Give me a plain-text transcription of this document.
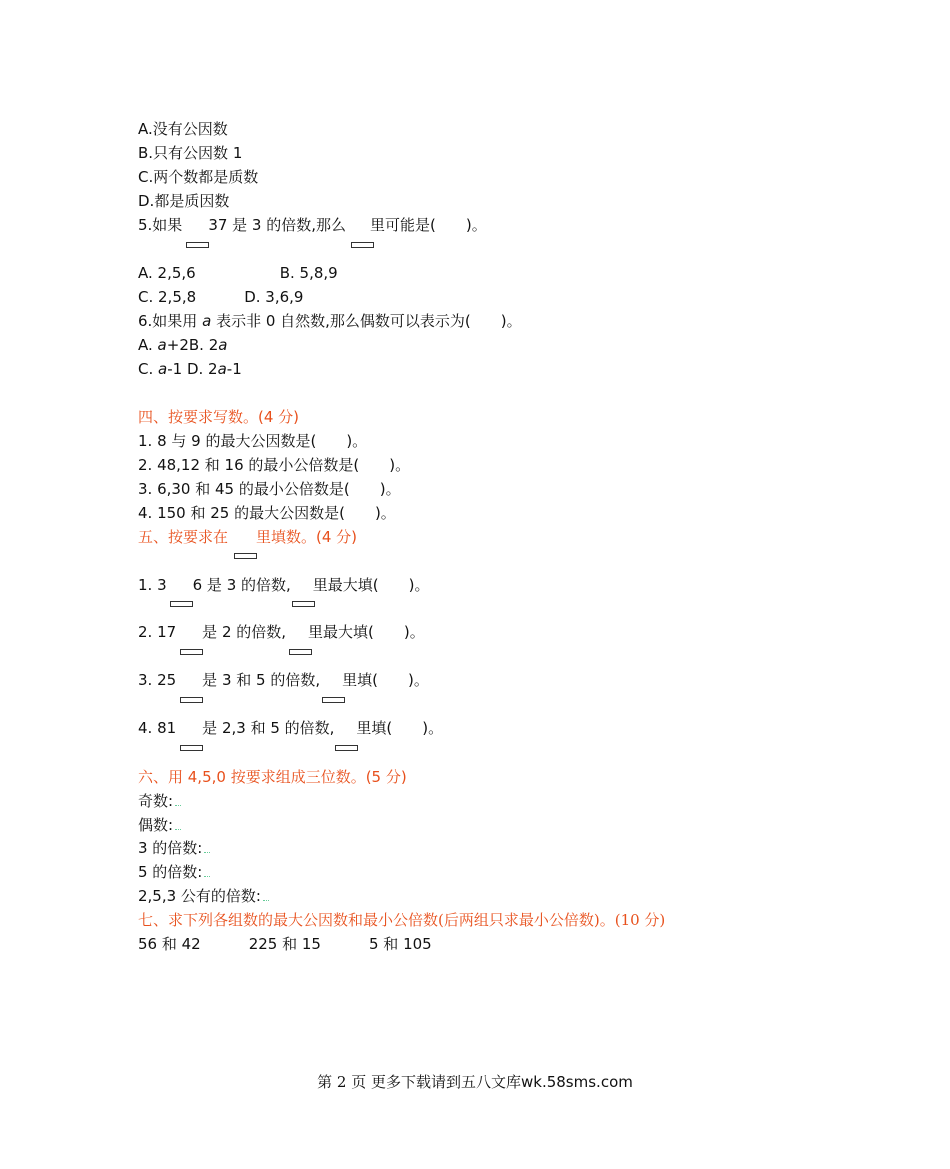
A.没有公因数
B.只有公因数 1
C.两个数都是质数
D.都是质因数
5.如果 37 是 3 的倍数,那么 里可能是(　　)。
A. 2,5,6	B. 5,8,9
C. 2,5,8	D. 3,6,9
6.如果用 a 表示非 0 自然数,那么偶数可以表示为(　　)。
A. a+2B. 2a
C. a-1 D. 2a-1
四、按要求写数。(4 分)
1. 8 与 9 的最大公因数是(　　)。
2. 48,12 和 16 的最小公倍数是(　　)。
3. 6,30 和 45 的最小公倍数是(　　)。
4. 150 和 25 的最大公因数是(　　)。
五、按要求在 里填数。(4 分)
1. 3 6 是 3 的倍数, 里最大填(　　)。
2. 17 是 2 的倍数, 里最大填(　　)。
3. 25 是 3 和 5 的倍数, 里填(　　)。
4. 81 是 2,3 和 5 的倍数, 里填(　　)。
六、用 4,5,0 按要求组成三位数。(5 分)
奇数:
偶数:
3 的倍数:
5 的倍数:
2,5,3 公有的倍数:
七、求下列各组数的最大公因数和最小公倍数(后两组只求最小公倍数)。(10 分)
56 和 42	225 和 15	5 和 105
第 2 页 更多下载请到五八文库wk.58sms.com
